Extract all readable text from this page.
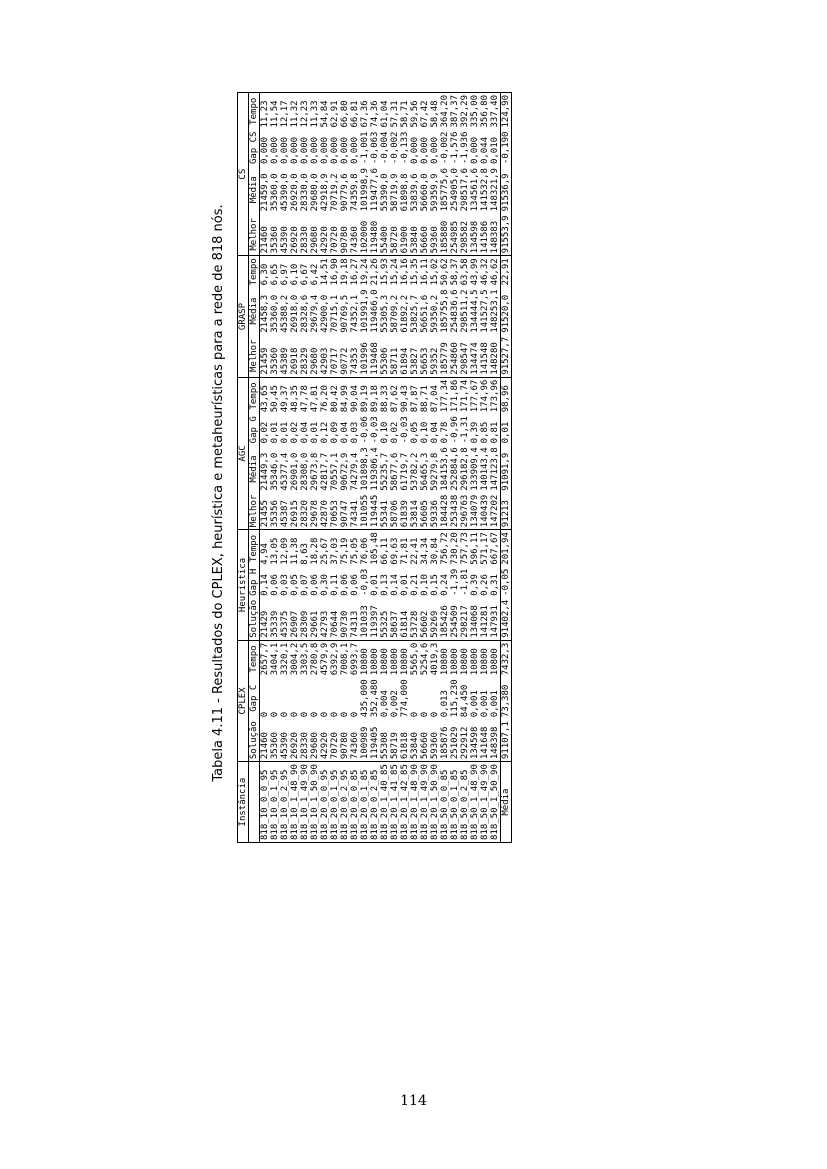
Tabela 4.11 - Resultados do CPLEX, heurística e metaheurísticas para a rede de 818 nós.
Instância	CPLEX			Heurística			AGC				GRASP			CS			
	Solução	Gap C	Tempo	Solução	Gap H	Tempo	Melhor	Média	Gap G	Tempo	Melhor	Média	Tempo	Melhor	Média	Gap CS	Tempo
818_10_0_0_95	21460	0	2657,7	21429	0,14	4,94	21455	21449,3	0,02	43,65	21459	21458,3	6,30	21460	21459,0	0,000	11,23
818_10_0_1_95	35360	0	3404,1	35339	0,06	13,05	35356	35346,0	0,01	50,45	35360	35360,0	6,65	35360	35360,0	0,000	11,54
818_10_0_2_95	45390	0	3320,1	45375	0,03	12,09	45387	45377,4	0,01	49,37	45389	45388,2	6,97	45390	45390,0	0,000	12,17
818_10_1_48_90	26920	0	3004,2	26907	0,05	11,38	26915	26901,0	0,02	48,35	26918	26918,0	6,10	26920	26920,0	0,000	11,32
818_10_1_49_90	28330	0	3303,5	28309	0,07	8,63	28320	28308,0	0,04	47,78	28329	28328,6	6,67	28330	28330,0	0,000	12,23
818_10_1_50_90	29680	0	2780,8	29661	0,06	18,28	29678	29673,8	0,01	47,81	29680	29679,4	6,42	29680	29680,0	0,000	11,33
818_20_0_0_95	42920	0	4579,9	42793	0,30	25,67	42870	42817,7	0,12	76,20	42903	42900,0	14,51	42920	42918,9	0,000	54,84
818_20_0_1_95	70720	0	6392,9	70644	0,11	37,03	70653	70557,1	0,09	80,42	70717	70715,1	16,90	70720	70719,2	0,000	62,91
818_20_0_2_95	90780	0	7008,1	90730	0,06	75,19	90747	90672,9	0,04	84,99	90772	90769,5	19,18	90780	90779,6	0,000	66,80
818_20_0_0_85	74360	0	6993,7	74313	0,06	75,05	74341	74279,4	0,03	90,04	74353	74352,1	16,27	74360	74359,8	0,000	66,81
818_20_0_1_85	100989	435,000	10800	101033	-0,03	76,06	101055	101898,3	-0,06	89,19	101996	101991,9	19,24	102000	101998,9	-1,001	67,36
818_20_0_2_85	119405	352,480	10800	119397	0,01	105,48	119445	119306,4	-0,03	89,18	119468	119466,0	21,26	119480	119477,6	-0,063	74,36
818_20_1_40_85	55308	0,004	10800	55325	0,13	66,11	55341	55235,7	0,10	88,33	55306	55305,3	15,93	55400	55390,0	-0,004	61,04
818_20_1_41_85	58719	0,002	10800	58637	0,14	69,63	58706	58677,6	0,02	87,62	58711	58709,2	15,24	58720	58719,9	-0,002	57,31
818_20_1_42_85	61818	774,000	10800	61814	0,01	71,81	61839	61719,7	-0,03	90,43	61894	61892,2	16,16	61900	61898,8	-0,133	58,71
818_20_1_48_90	53840	0	5565,0	53728	0,21	22,41	53814	53782,2	0,05	87,87	53827	53825,7	15,35	53840	53839,6	0,000	59,56
818_20_1_49_90	56660	0	5254,6	56602	0,10	34,34	56605	56465,3	0,10	88,71	56653	56651,6	16,11	56660	56660,0	0,000	67,42
818_20_1_50_90	59360	0	4019,3	59269	0,15	30,84	59336	59279,8	0,04	87,04	59352	59350,2	15,02	59360	59359,9	0,000	58,48
818_50_0_0_85	185876	0,013	10800	185426	0,24	756,72	184428	184153,6	0,78	177,34	185779	185755,8	50,62	185880	185775,6	-0,002	364,20
818_50_0_1_85	251029	115,230	10800	254509	-1,39	730,20	253438	252884,6	-0,96	171,86	254860	254836,6	58,37	254985	254905,0	-1,576	387,37
818_50_0_2_85	292912	84,450	10800	298217	-1,81	757,73	296763	296182,8	-1,31	171,74	298547	298511,2	63,58	298582	298517,6	-1,936	392,29
818_50_1_48_90	134598	0,001	10800	134068	0,39	596,11	134079	133909,4	0,39	177,67	134474	134444,5	43,99	134598	134561,6	0,000	335,00
818_50_1_49_90	141648	0,001	10800	141281	0,26	571,17	140439	140143,4	0,85	174,96	141548	141527,5	46,32	141586	141532,8	0,044	356,80
818_50_1_50_90	148398	0,001	10800	147931	0,31	667,67	147202	147123,8	0,81	173,96	148280	148253,1	46,62	148383	148321,9	0,010	337,40
Média	91107,1	73,380	7432,3	91402,4	-0,05	201,94	91213	91091,9	0,01	98,96	91527,7	91520,0	22,91	91553,9	91536,9	-0,190	124,90
114
